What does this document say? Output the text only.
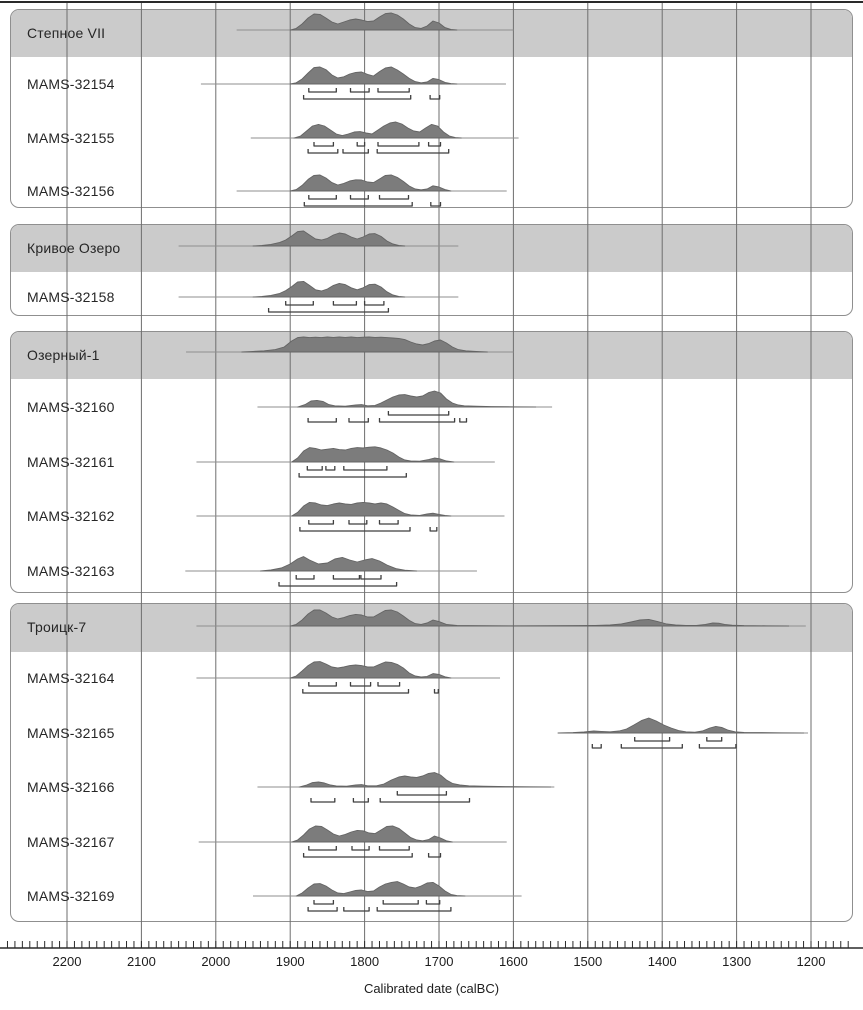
Calibrated date (calBC)
2200	2100	2000	1900	1800	1700	1600	1500	1400	1300	1200
Степное VII
MAMS-32154
MAMS-32155
MAMS-32156
Кривое Озеро
MAMS-32158
Озерный-1
MAMS-32160
MAMS-32161
MAMS-32162
MAMS-32163
Троицк-7
MAMS-32164
MAMS-32165
MAMS-32166
MAMS-32167
MAMS-32169
